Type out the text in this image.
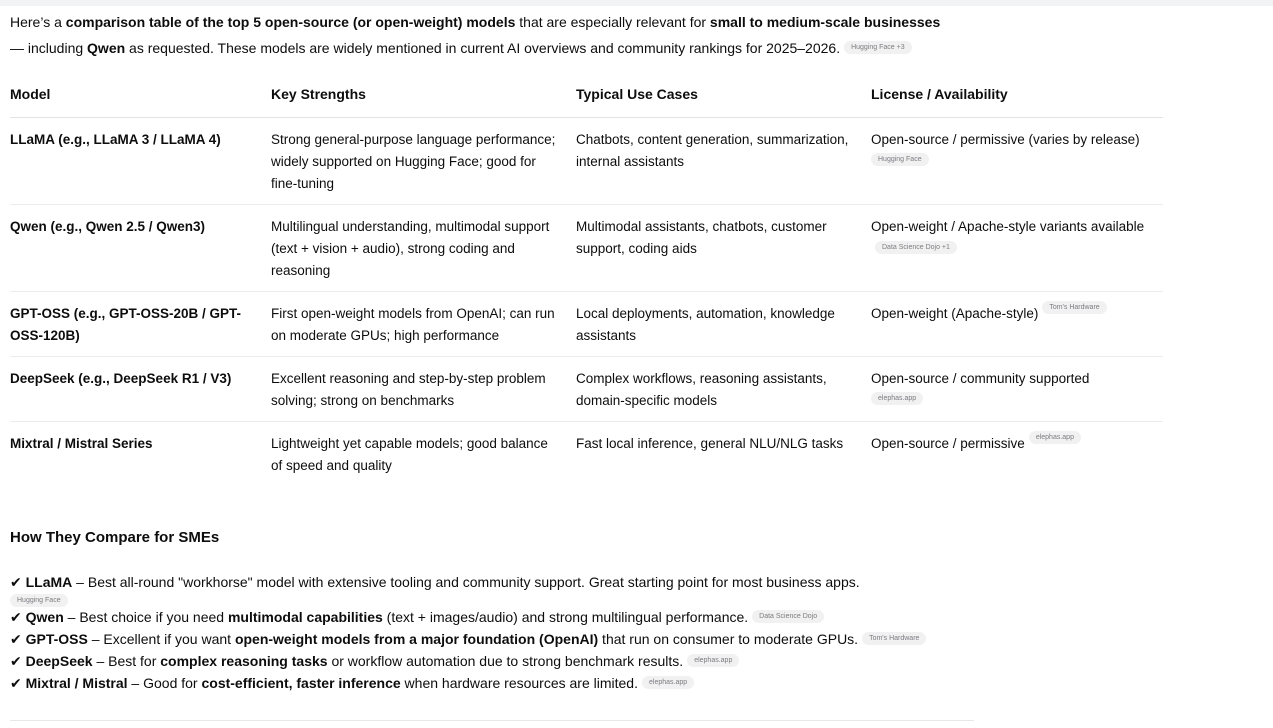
Here’s a comparison table of the top 5 open-source (or open-weight) models that are especially relevant for small to medium-scale businesses

— including Qwen as requested. These models are widely mentioned in current AI overviews and community rankings for 2025–2026. Hugging Face +3

Model	Key Strengths	Typical Use Cases	License / Availability
LLaMA (e.g., LLaMA 3 / LLaMA 4)	Strong general-purpose language performance; widely supported on Hugging Face; good for fine-tuning	Chatbots, content generation, summarization, internal assistants	Open-source / permissive (varies by release)
Hugging Face
Qwen (e.g., Qwen 2.5 / Qwen3)	Multilingual understanding, multimodal support (text + vision + audio), strong coding and reasoning	Multimodal assistants, chatbots, customer support, coding aids	Open-weight / Apache-style variants availableData Science Dojo +1
GPT-OSS (e.g., GPT-OSS-20B / GPT-OSS-120B)	First open-weight models from OpenAI; can run on moderate GPUs; high performance	Local deployments, automation, knowledge assistants	Open-weight (Apache-style) Tom's Hardware
DeepSeek (e.g., DeepSeek R1 / V3)	Excellent reasoning and step-by-step problem solving; strong on benchmarks	Complex workflows, reasoning assistants, domain-specific models	Open-source / community supported
elephas.app
Mixtral / Mistral Series	Lightweight yet capable models; good balance of speed and quality	Fast local inference, general NLU/NLG tasks	Open-source / permissive elephas.app
How They Compare for SMEs
✔ LLaMA – Best all-round "workhorse" model with extensive tooling and community support. Great starting point for most business apps.
Hugging Face
✔ Qwen – Best choice if you need multimodal capabilities (text + images/audio) and strong multilingual performance. Data Science Dojo
✔ GPT-OSS – Excellent if you want open-weight models from a major foundation (OpenAI) that run on consumer to moderate GPUs. Tom's Hardware
✔ DeepSeek – Best for complex reasoning tasks or workflow automation due to strong benchmark results. elephas.app
✔ Mixtral / Mistral – Good for cost-efficient, faster inference when hardware resources are limited. elephas.app
